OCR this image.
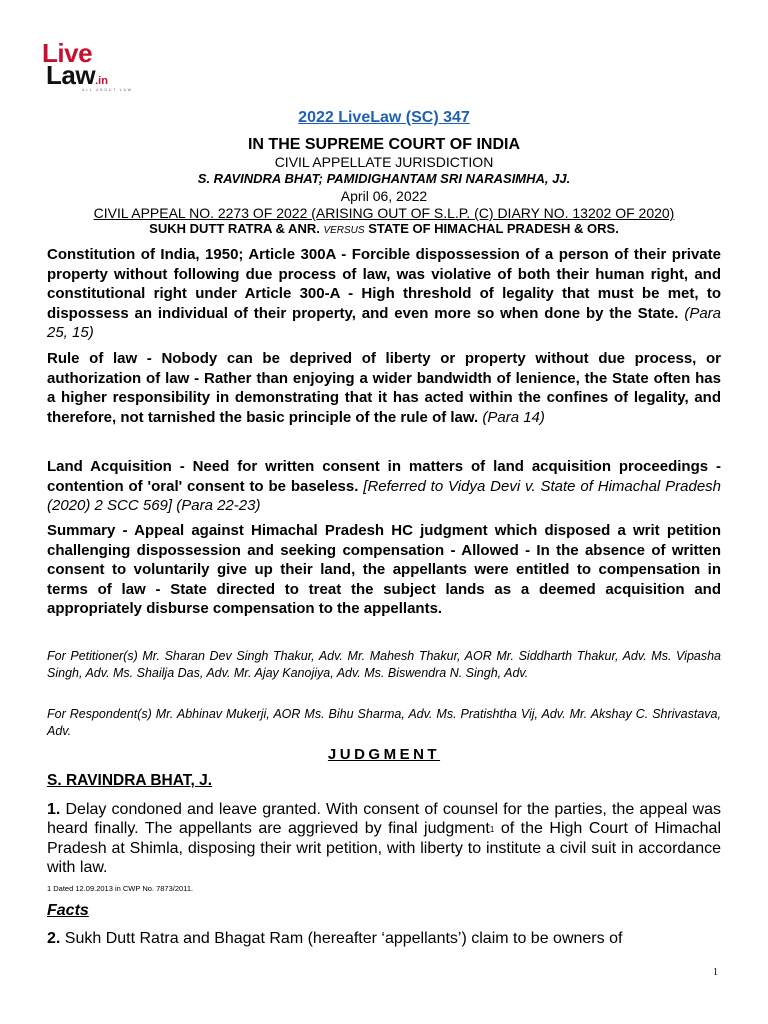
Live
Law.in
ALL ABOUT LAW
2022 LiveLaw (SC) 347
IN THE SUPREME COURT OF INDIA
CIVIL APPELLATE JURISDICTION
S. RAVINDRA BHAT; PAMIDIGHANTAM SRI NARASIMHA, JJ.
April 06, 2022
CIVIL APPEAL NO. 2273 OF 2022 (ARISING OUT OF S.L.P. (C) DIARY NO. 13202 OF 2020)
SUKH DUTT RATRA & ANR. VERSUS STATE OF HIMACHAL PRADESH & ORS.
Constitution of India, 1950; Article 300A - Forcible dispossession of a person of their private property without following due process of law, was violative of both their human right, and constitutional right under Article 300-A - High threshold of legality that must be met, to dispossess an individual of their property, and even more so when done by the State. (Para 25, 15)
Rule of law - Nobody can be deprived of liberty or property without due process, or authorization of law - Rather than enjoying a wider bandwidth of lenience, the State often has a higher responsibility in demonstrating that it has acted within the confines of legality, and therefore, not tarnished the basic principle of the rule of law. (Para 14)
Land Acquisition - Need for written consent in matters of land acquisition proceedings - contention of 'oral' consent to be baseless. [Referred to Vidya Devi v. State of Himachal Pradesh (2020) 2 SCC 569] (Para 22-23)
Summary - Appeal against Himachal Pradesh HC judgment which disposed a writ petition challenging dispossession and seeking compensation - Allowed - In the absence of written consent to voluntarily give up their land, the appellants were entitled to compensation in terms of law - State directed to treat the subject lands as a deemed acquisition and appropriately disburse compensation to the appellants.
For Petitioner(s) Mr. Sharan Dev Singh Thakur, Adv. Mr. Mahesh Thakur, AOR Mr. Siddharth Thakur, Adv. Ms. Vipasha Singh, Adv. Ms. Shailja Das, Adv. Mr. Ajay Kanojiya, Adv. Ms. Biswendra N. Singh, Adv.
For Respondent(s) Mr. Abhinav Mukerji, AOR Ms. Bihu Sharma, Adv. Ms. Pratishtha Vij, Adv. Mr. Akshay C. Shrivastava, Adv.
JUDGMENT
S. RAVINDRA BHAT, J.
1. Delay condoned and leave granted. With consent of counsel for the parties, the appeal was heard finally. The appellants are aggrieved by final judgment$_1$ of the High Court of Himachal Pradesh at Shimla, disposing their writ petition, with liberty to institute a civil suit in accordance with law.
1 Dated 12.09.2013 in CWP No. 7873/2011.
Facts
2. Sukh Dutt Ratra and Bhagat Ram (hereafter ‘appellants’) claim to be owners of
1
